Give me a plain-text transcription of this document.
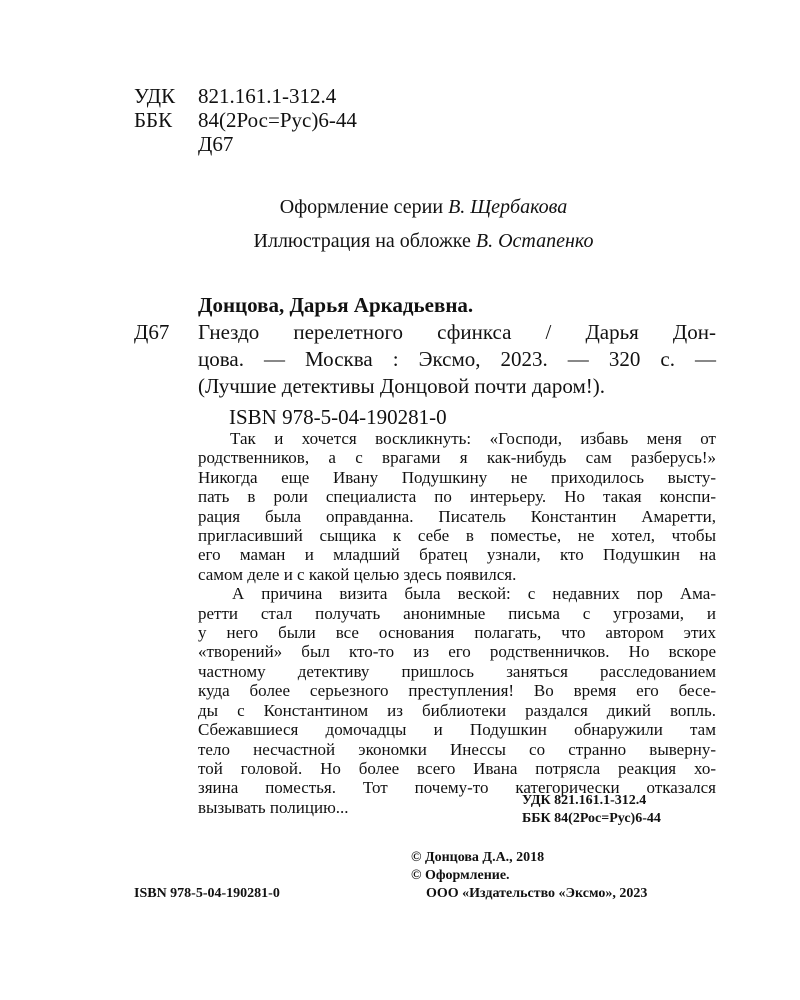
УДК 821.161.1-312.4
ББК 84(2Рос=Рус)6-44
Д67
Оформление серии В. Щербакова
Иллюстрация на обложке В. Остапенко
Донцова, Дарья Аркадьевна.
Д67 Гнездо перелетного сфинкса / Дарья Дон-
цова. — Москва : Эксмо, 2023. — 320 с. —
(Лучшие детективы Донцовой почти даром!).
ISBN 978-5-04-190281-0
Так и хочется воскликнуть: «Господи, избавь меня от
родственников, а с врагами я как-нибудь сам разберусь!»
Никогда еще Ивану Подушкину не приходилось высту-
пать в роли специалиста по интерьеру. Но такая конспи-
рация была оправданна. Писатель Константин Амаретти,
пригласивший сыщика к себе в поместье, не хотел, чтобы
его маман и младший братец узнали, кто Подушкин на
самом деле и с какой целью здесь появился.
А причина визита была веской: с недавних пор Ама-
ретти стал получать анонимные письма с угрозами, и
у него были все основания полагать, что автором этих
«творений» был кто-то из его родственничков. Но вскоре
частному детективу пришлось заняться расследованием
куда более серьезного преступления! Во время его бесе-
ды с Константином из библиотеки раздался дикий вопль.
Сбежавшиеся домочадцы и Подушкин обнаружили там
тело несчастной экономки Инессы со странно выверну-
той головой. Но более всего Ивана потрясла реакция хо-
зяина поместья. Тот почему-то категорически отказался
вызывать полицию...	УДК 821.161.1-312.4
ББК 84(2Рос=Рус)6-44
© Донцова Д.А., 2018
© Оформление.
ISBN 978-5-04-190281-0	ООО «Издательство «Эксмо», 2023
